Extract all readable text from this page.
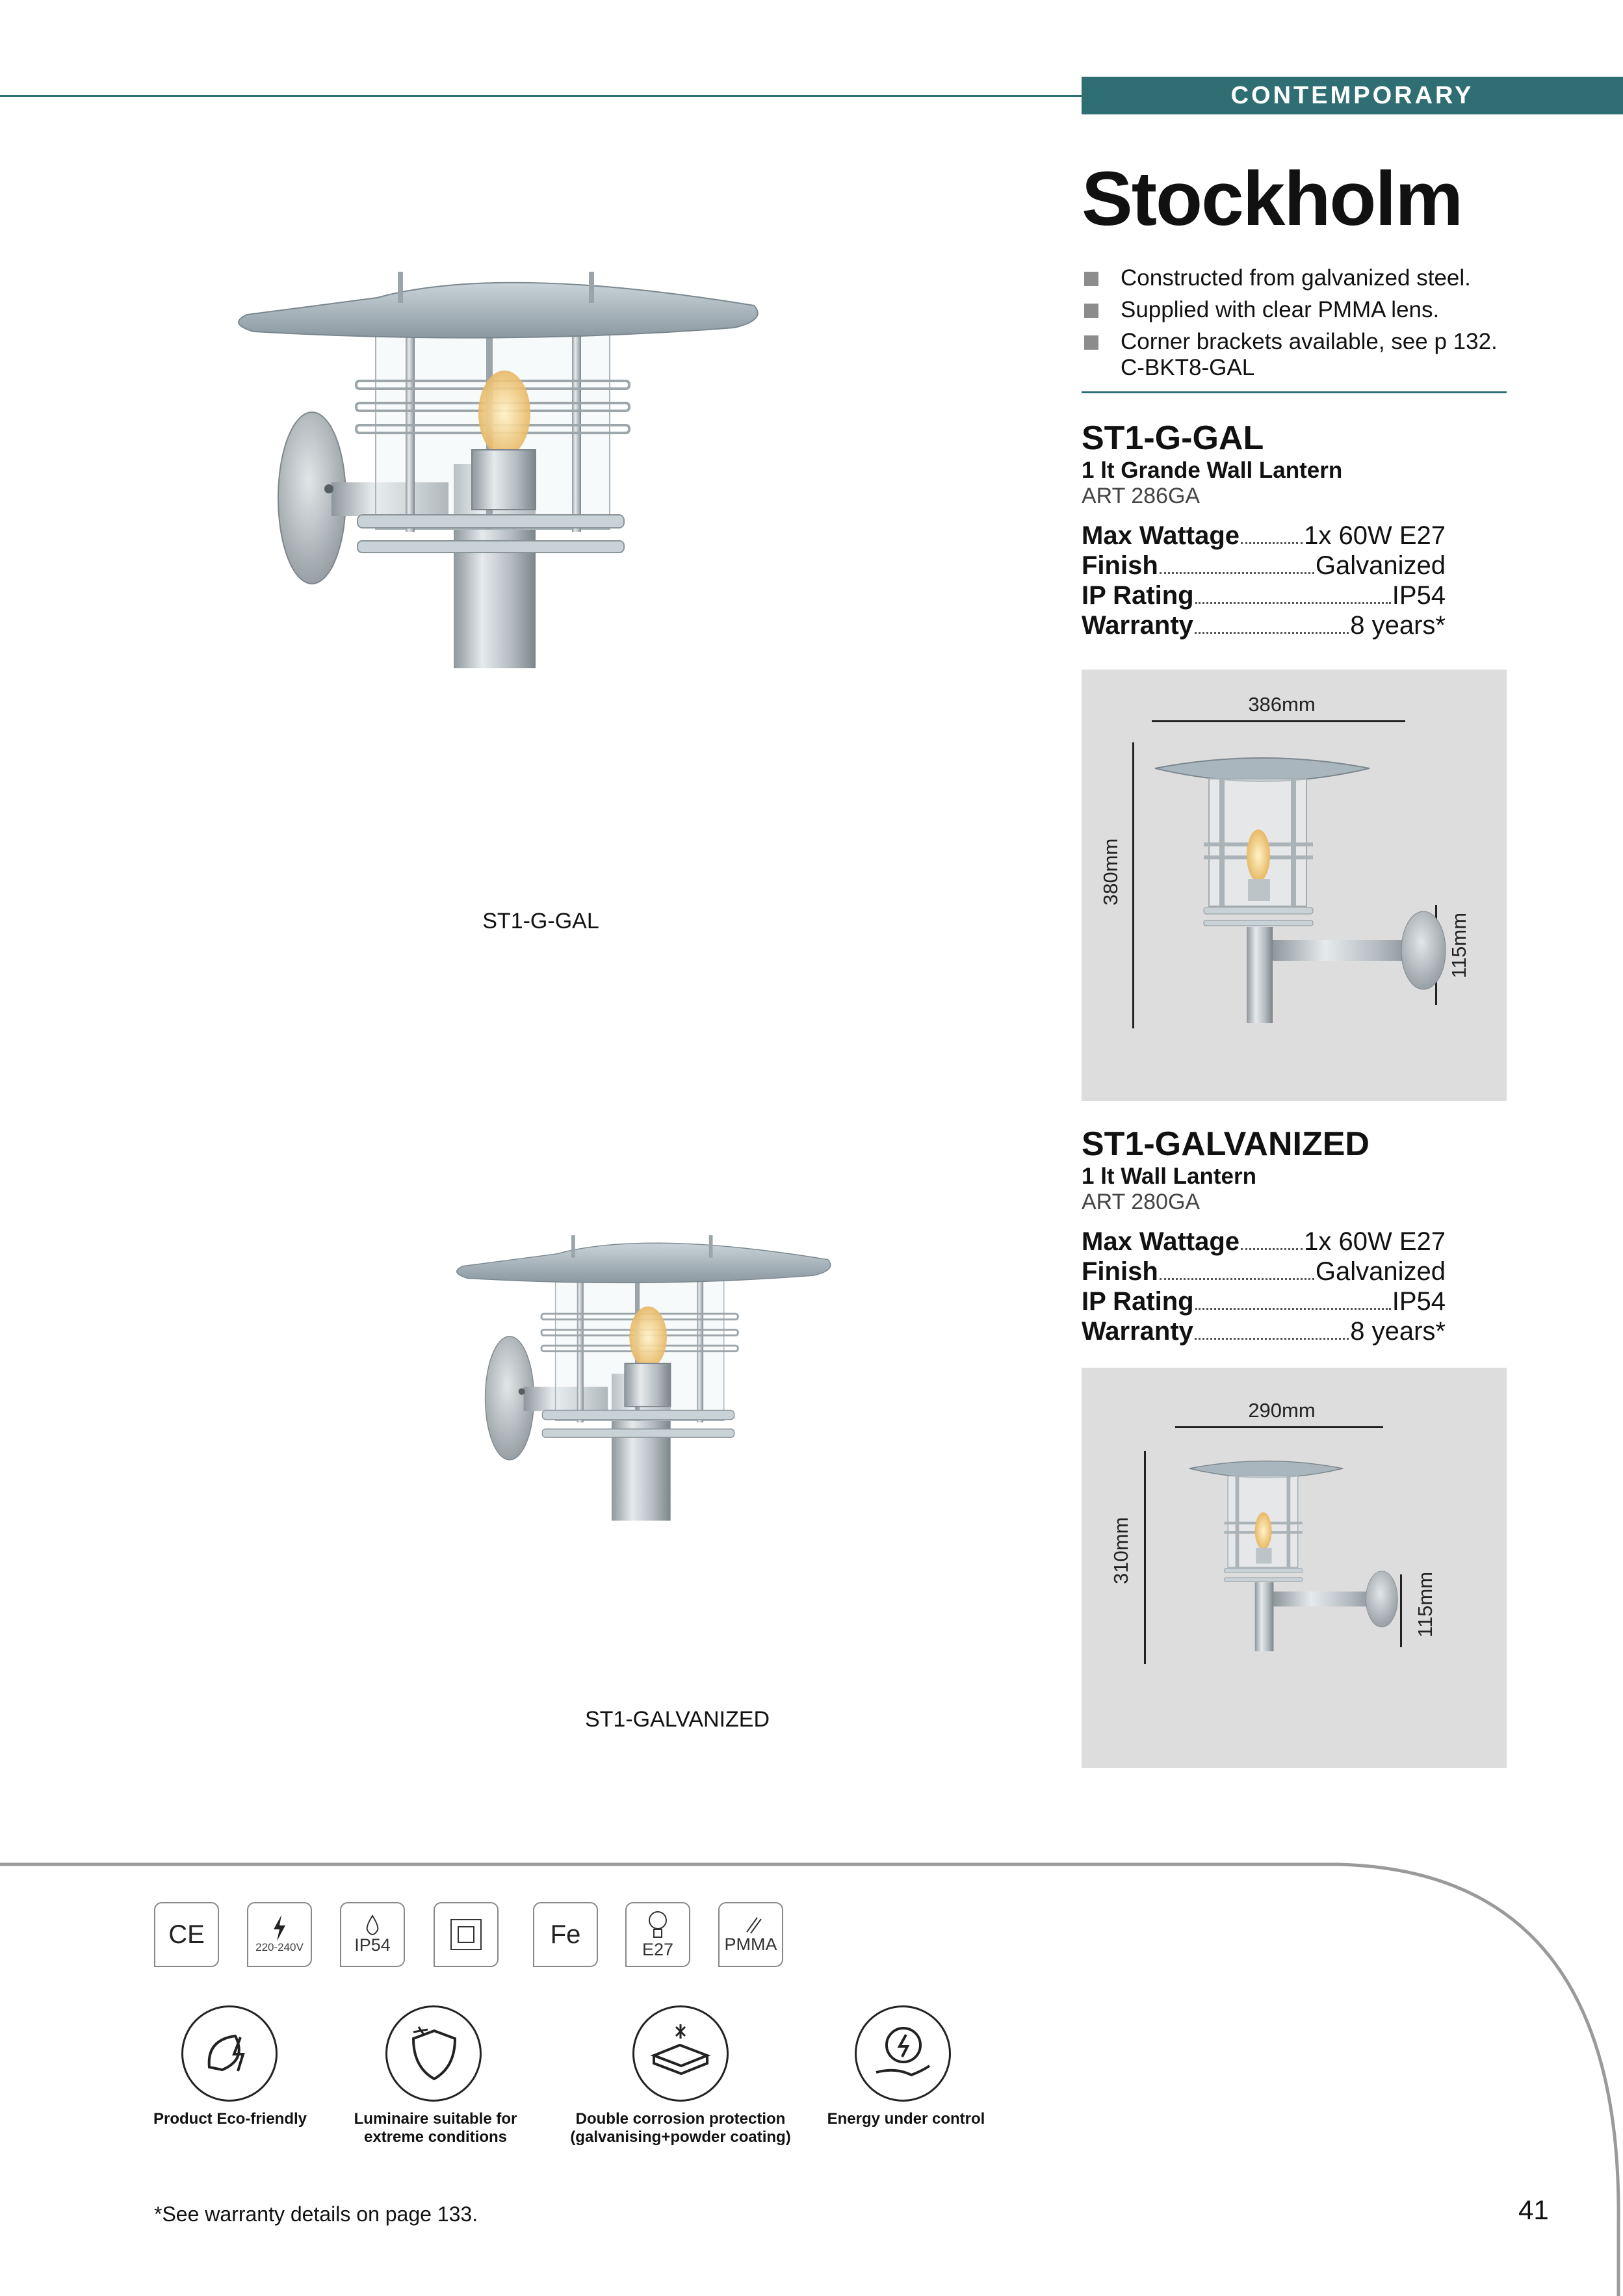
CONTEMPORARY
Stockholm
Constructed from galvanized steel.
Supplied with clear PMMA lens.
Corner brackets available, see p 132. C-BKT8-GAL
ST1-G-GAL
ST1-G-GAL
1 lt Grande Wall Lantern
ART 286GA
Max Wattage 1x 60W E27
Finish	Galvanized
IP Rating	IP54
Warranty	8 years*
386mm
380mm
115mm
ST1-GALVANIZED
ST1-GALVANIZED
1 lt Wall Lantern
ART 280GA
Max Wattage 1x 60W E27
Finish	Galvanized
IP Rating	IP54
Warranty	8 years*
290mm
310mm
115mm
CE	220-240V	IP54	Fe
E27	PMMA
Product Eco-friendly	Luminaire suitable for extreme conditions
Double corrosion protection (galvanising+powder coating)
Energy under control
*See warranty details on page 133.	41
